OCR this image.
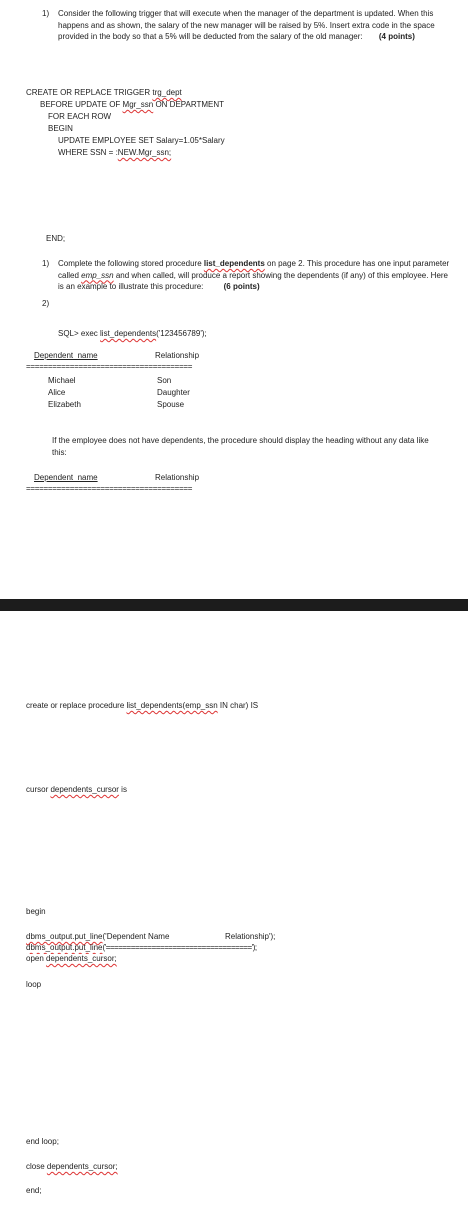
1) Consider the following trigger that will execute when the manager of the department is updated. When this happens and as shown, the salary of the new manager will be raised by 5%. Insert extra code in the space provided in the body so that a 5% will be deducted from the salary of the old manager: (4 points)
CREATE OR REPLACE TRIGGER trg_dept
BEFORE UPDATE OF Mgr_ssn ON DEPARTMENT
FOR EACH ROW
BEGIN
UPDATE EMPLOYEE SET Salary=1.05*Salary
WHERE SSN = :NEW.Mgr_ssn;
END;
1) Complete the following stored procedure list_dependents on page 2. This procedure has one input parameter called emp_ssn and when called, will produce a report showing the dependents (if any) of this employee. Here is an example to illustrate this procedure:	(6 points)
2)
SQL> exec list_dependents('123456789');
Dependent_name	Relationship
======================================
Michael	Son
Alice	Daughter
Elizabeth	Spouse
If the employee does not have dependents, the procedure should display the heading without any data like this:
Dependent_name	Relationship
======================================
create or replace procedure list_dependents(emp_ssn IN char) IS
cursor dependents_cursor is
begin
dbms_output.put_line('Dependent Name                         Relationship');
dbms_output.put_line('===================================');
open dependents_cursor;
loop
end loop;
close dependents_cursor;
end;
